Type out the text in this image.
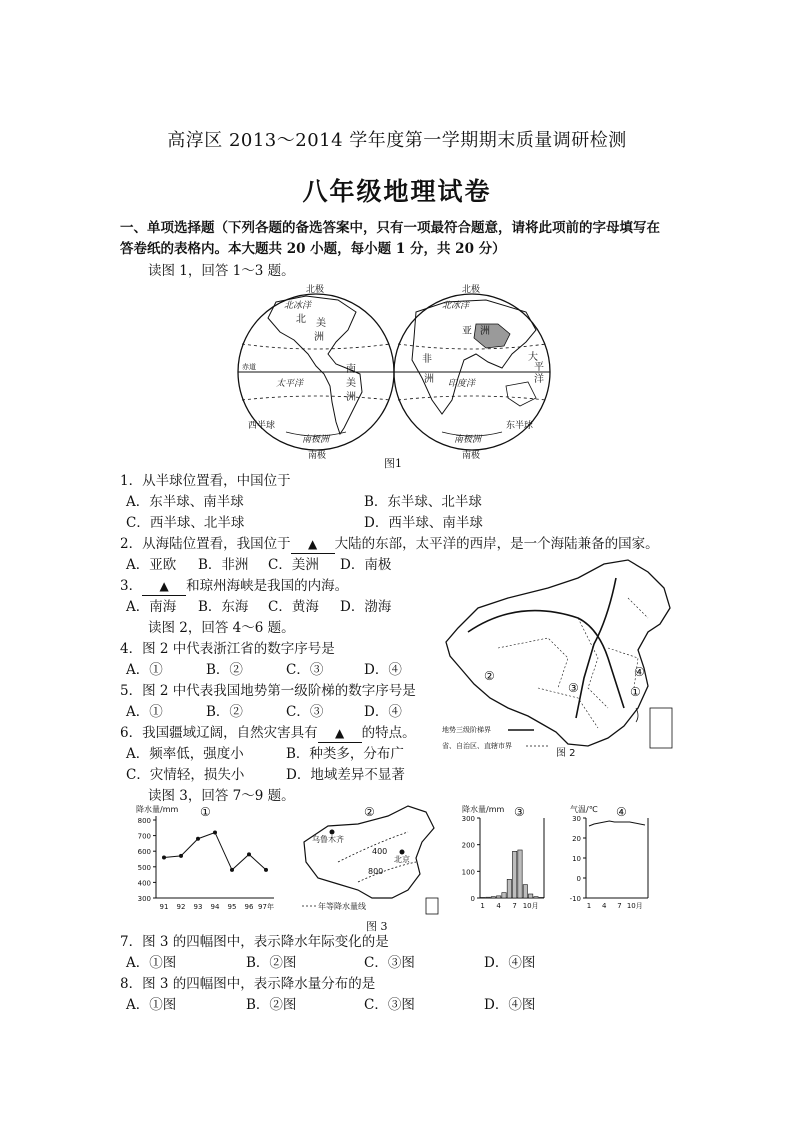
高淳区 2013～2014 学年度第一学期期末质量调研检测
八年级地理试卷
一、单项选择题（下列各题的备选答案中，只有一项最符合题意，请将此项前的字母填写在
答卷纸的表格内。本大题共 20 小题，每小题 1 分，共 20 分）
读图 1，回答 1～3 题。
北极
北冰洋
北 美
洲
赤道
太平洋
南
美
洲
西半球
南极洲
南极
北极
北冰洋
亚 洲
非
洲 印度洋
大
平
洋
东半球
南极洲
南极
图1
1．从半球位置看，中国位于
A．东半球、南半球	B．东半球、北半球
C．西半球、北半球	D．西半球、南半球
2．从海陆位置看，我国位于 ▲ 大陆的东部，太平洋的西岸，是一个海陆兼备的国家。
A．亚欧 B．非洲 C．美洲 D．南极
3． ▲ 和琼州海峡是我国的内海。
A．南海 B．东海 C．黄海 D．渤海
读图 2，回答 4～6 题。
4．图 2 中代表浙江省的数字序号是
A．①	B．②	C．③	D．④
5．图 2 中代表我国地势第一级阶梯的数字序号是
A．①	B．②	C．③	D．④
6．我国疆域辽阔，自然灾害具有 ▲ 的特点。
A．频率低，强度小	B．种类多，分布广
C．灾情轻，损失小	D．地域差异不显著
②
③
④
①
地势三级阶梯界
省、自治区、直辖市界
图 2
读图 3，回答 7～9 题。
降水量/mm ①
300
400
500
600
700
800
91 92 93 94 95 96 97年
②
乌鲁木齐
北京
400
800
年等降水量线
图 3
降水量/mm ③
0
100
200
300
1 4 7 10月
气温/℃ ④
-10
0
10
20
30
1 4 7 10月
7．图 3 的四幅图中，表示降水年际变化的是
A．①图	B．②图	C．③图	D．④图
8．图 3 的四幅图中，表示降水量分布的是
A．①图	B．②图	C．③图	D．④图
